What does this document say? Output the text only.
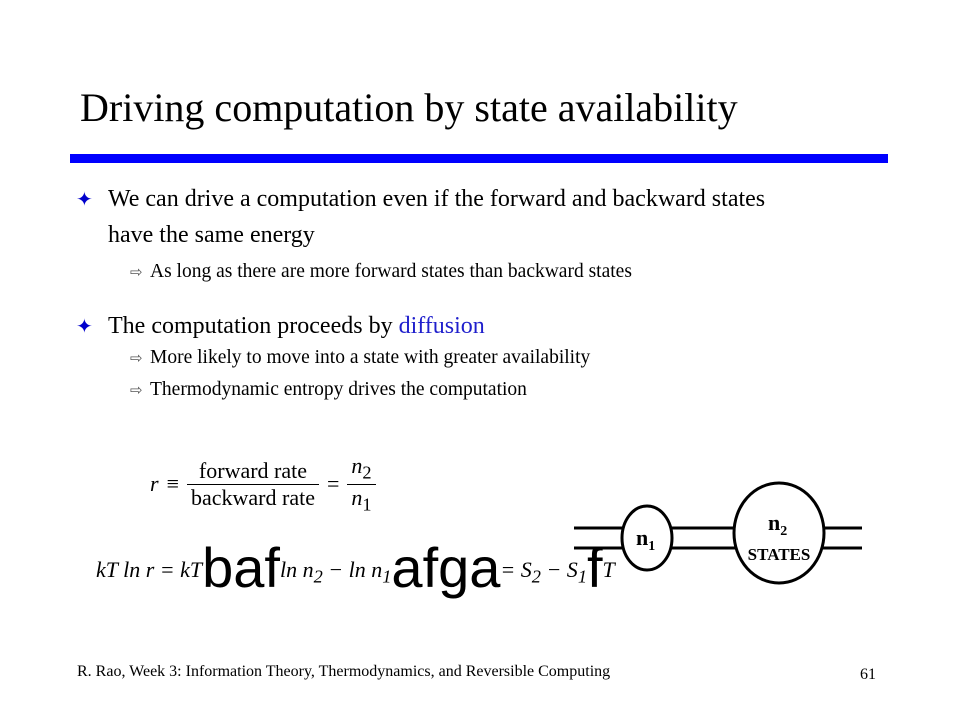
Driving computation by state availability
✦ We can drive a computation even if the forward and backward states have the same energy
⇨ As long as there are more forward states than backward states
✦ The computation proceeds by diffusion
⇨ More likely to move into a state with greater availability
⇨ Thermodynamic entropy drives the computation
$r \equiv \frac{\text{forward rate}}{\text{backward rate}} = \frac{n_2}{n_1}$
kT ln r = kTbafln $n_2 - \ln$ $n_1afga= S_2 - S_1fT$
$n_1$
$n_2$
STATES
R. Rao, Week 3: Information Theory, Thermodynamics, and Reversible Computing	61
